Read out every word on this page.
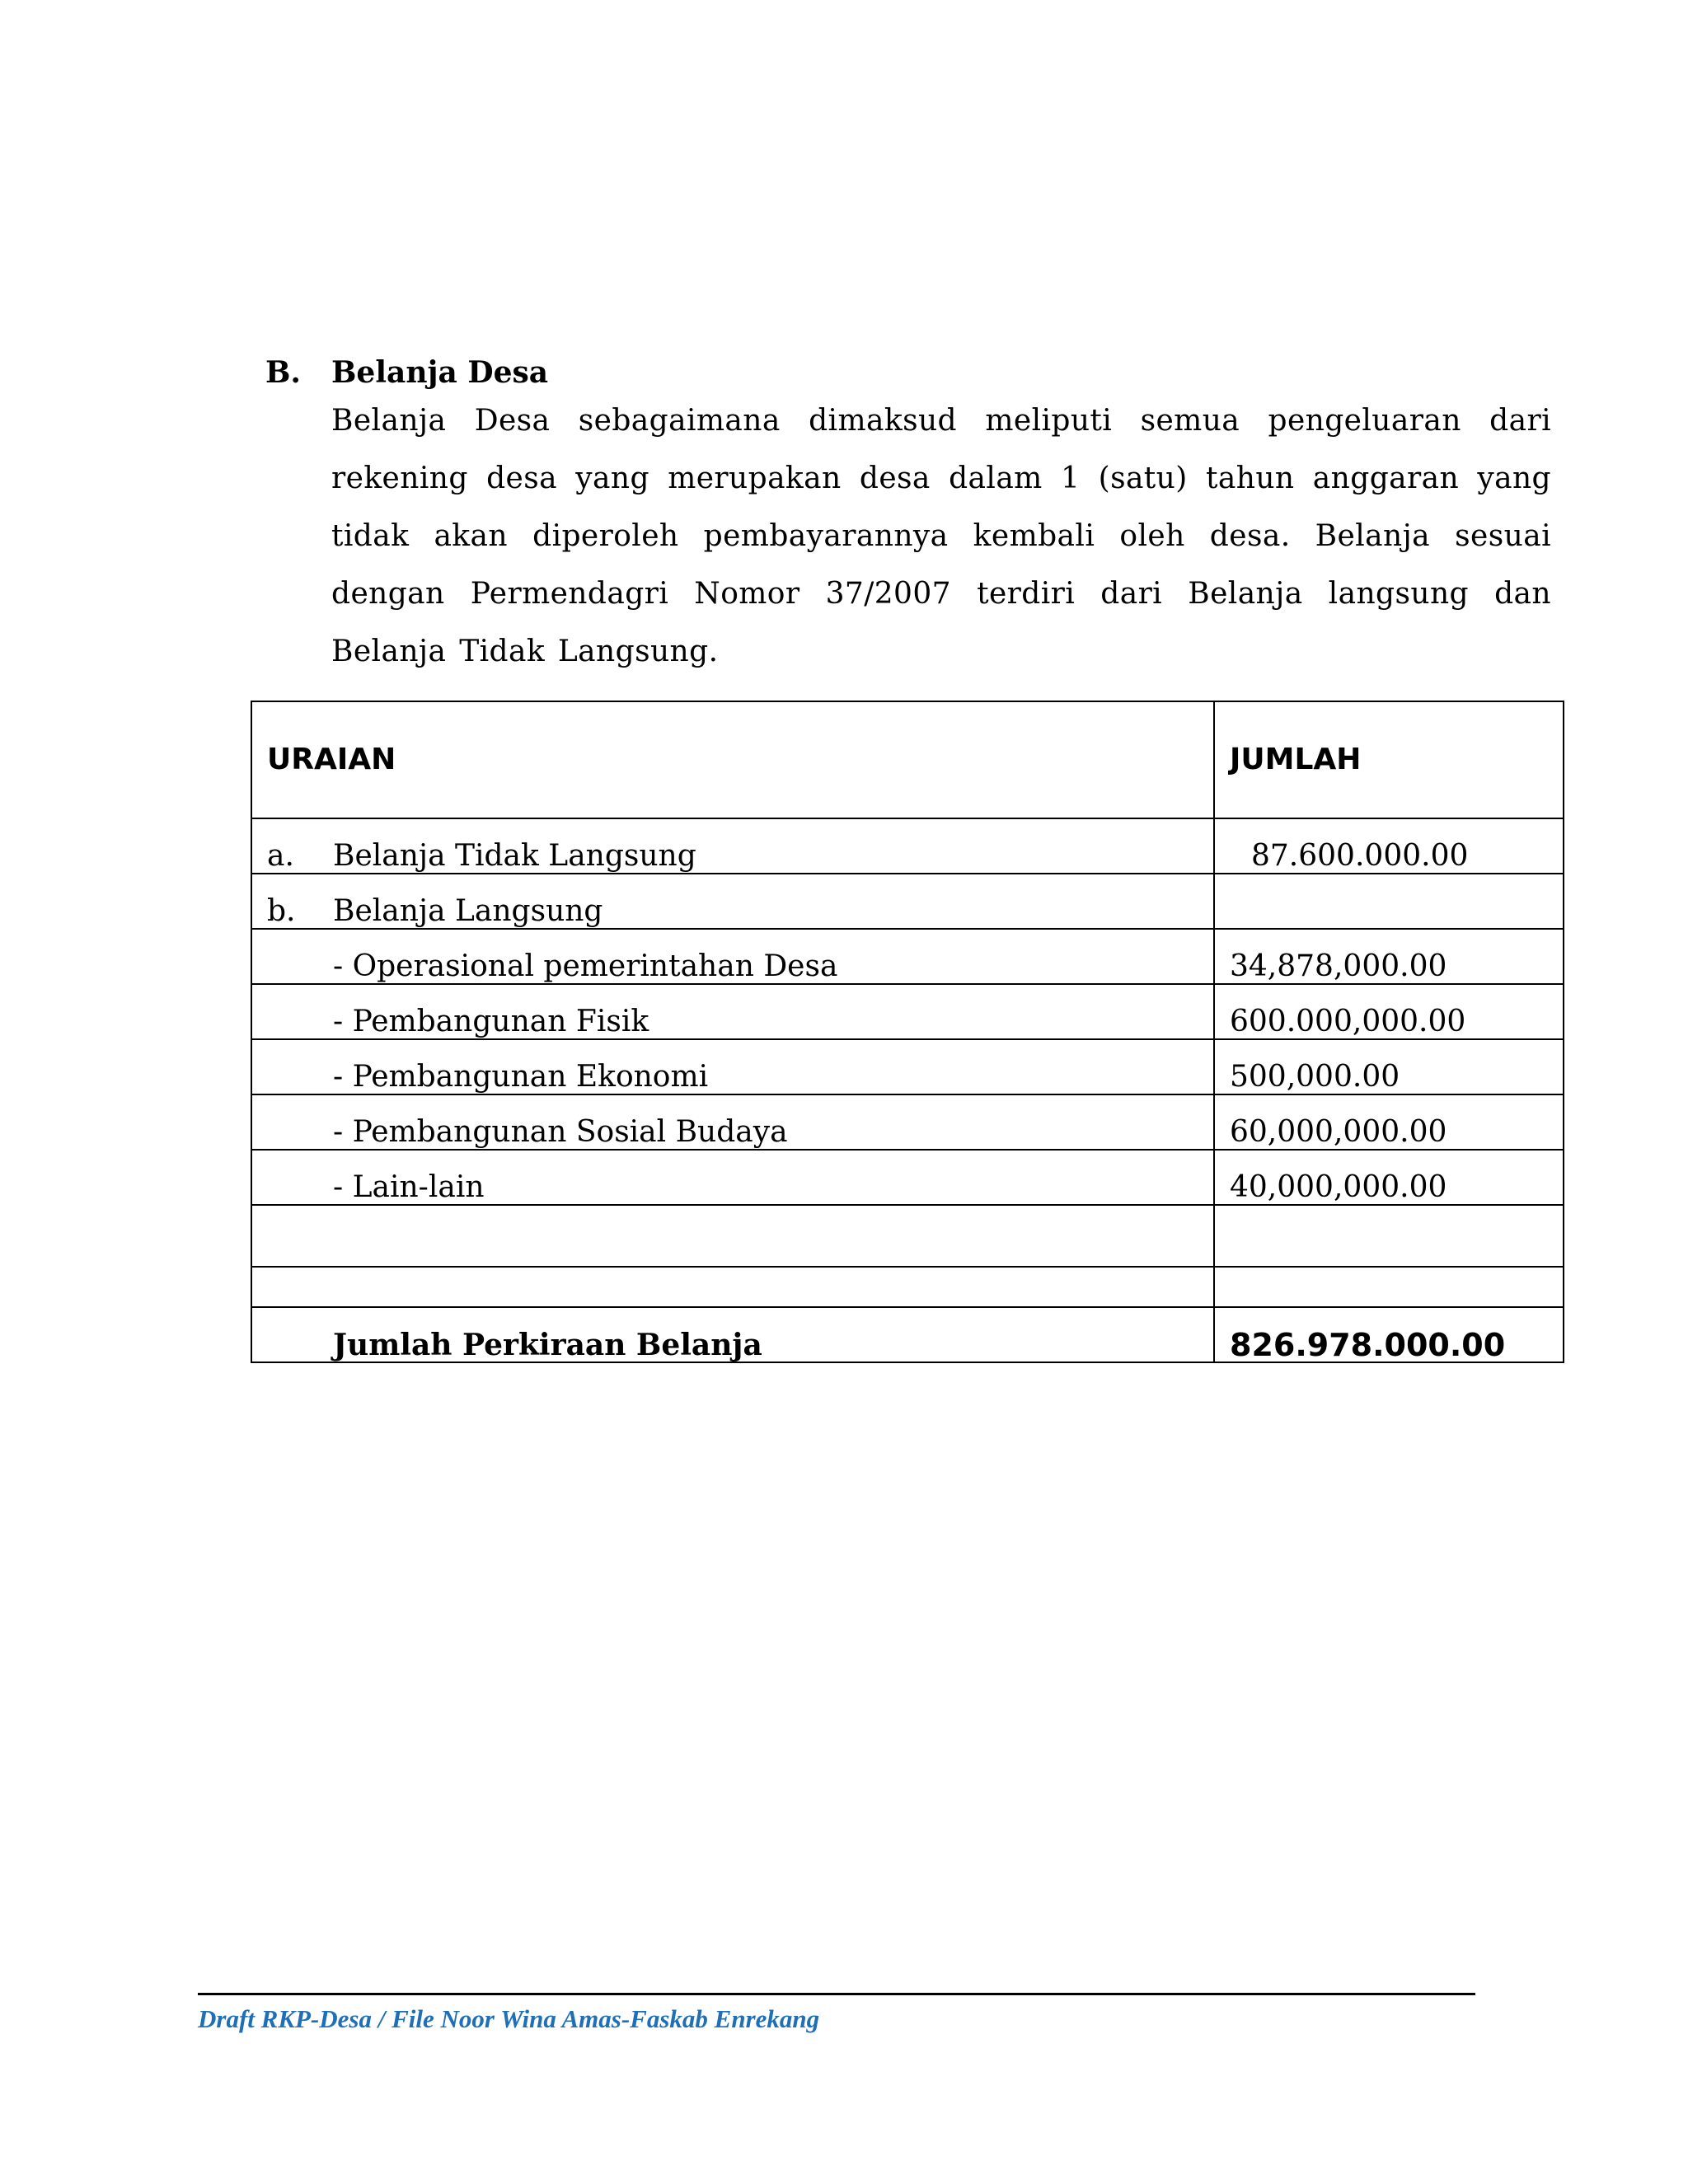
B.	Belanja Desa
Belanja Desa sebagaimana dimaksud meliputi semua pengeluaran dari rekening desa yang merupakan desa dalam 1 (satu) tahun anggaran yang tidak akan diperoleh pembayarannya kembali oleh desa. Belanja sesuai dengan Permendagri Nomor 37/2007 terdiri dari Belanja langsung dan Belanja Tidak Langsung.
URAIAN	JUMLAH
a. Belanja Tidak Langsung	87.600.000.00
b. Belanja Langsung	
- Operasional pemerintahan Desa	34,878,000.00
- Pembangunan Fisik	600.000,000.00
- Pembangunan Ekonomi	500,000.00
- Pembangunan Sosial Budaya	60,000,000.00
- Lain-lain	40,000,000.00

Jumlah Perkiraan Belanja	826.978.000.00
Draft RKP-Desa / File Noor Wina Amas-Faskab Enrekang
